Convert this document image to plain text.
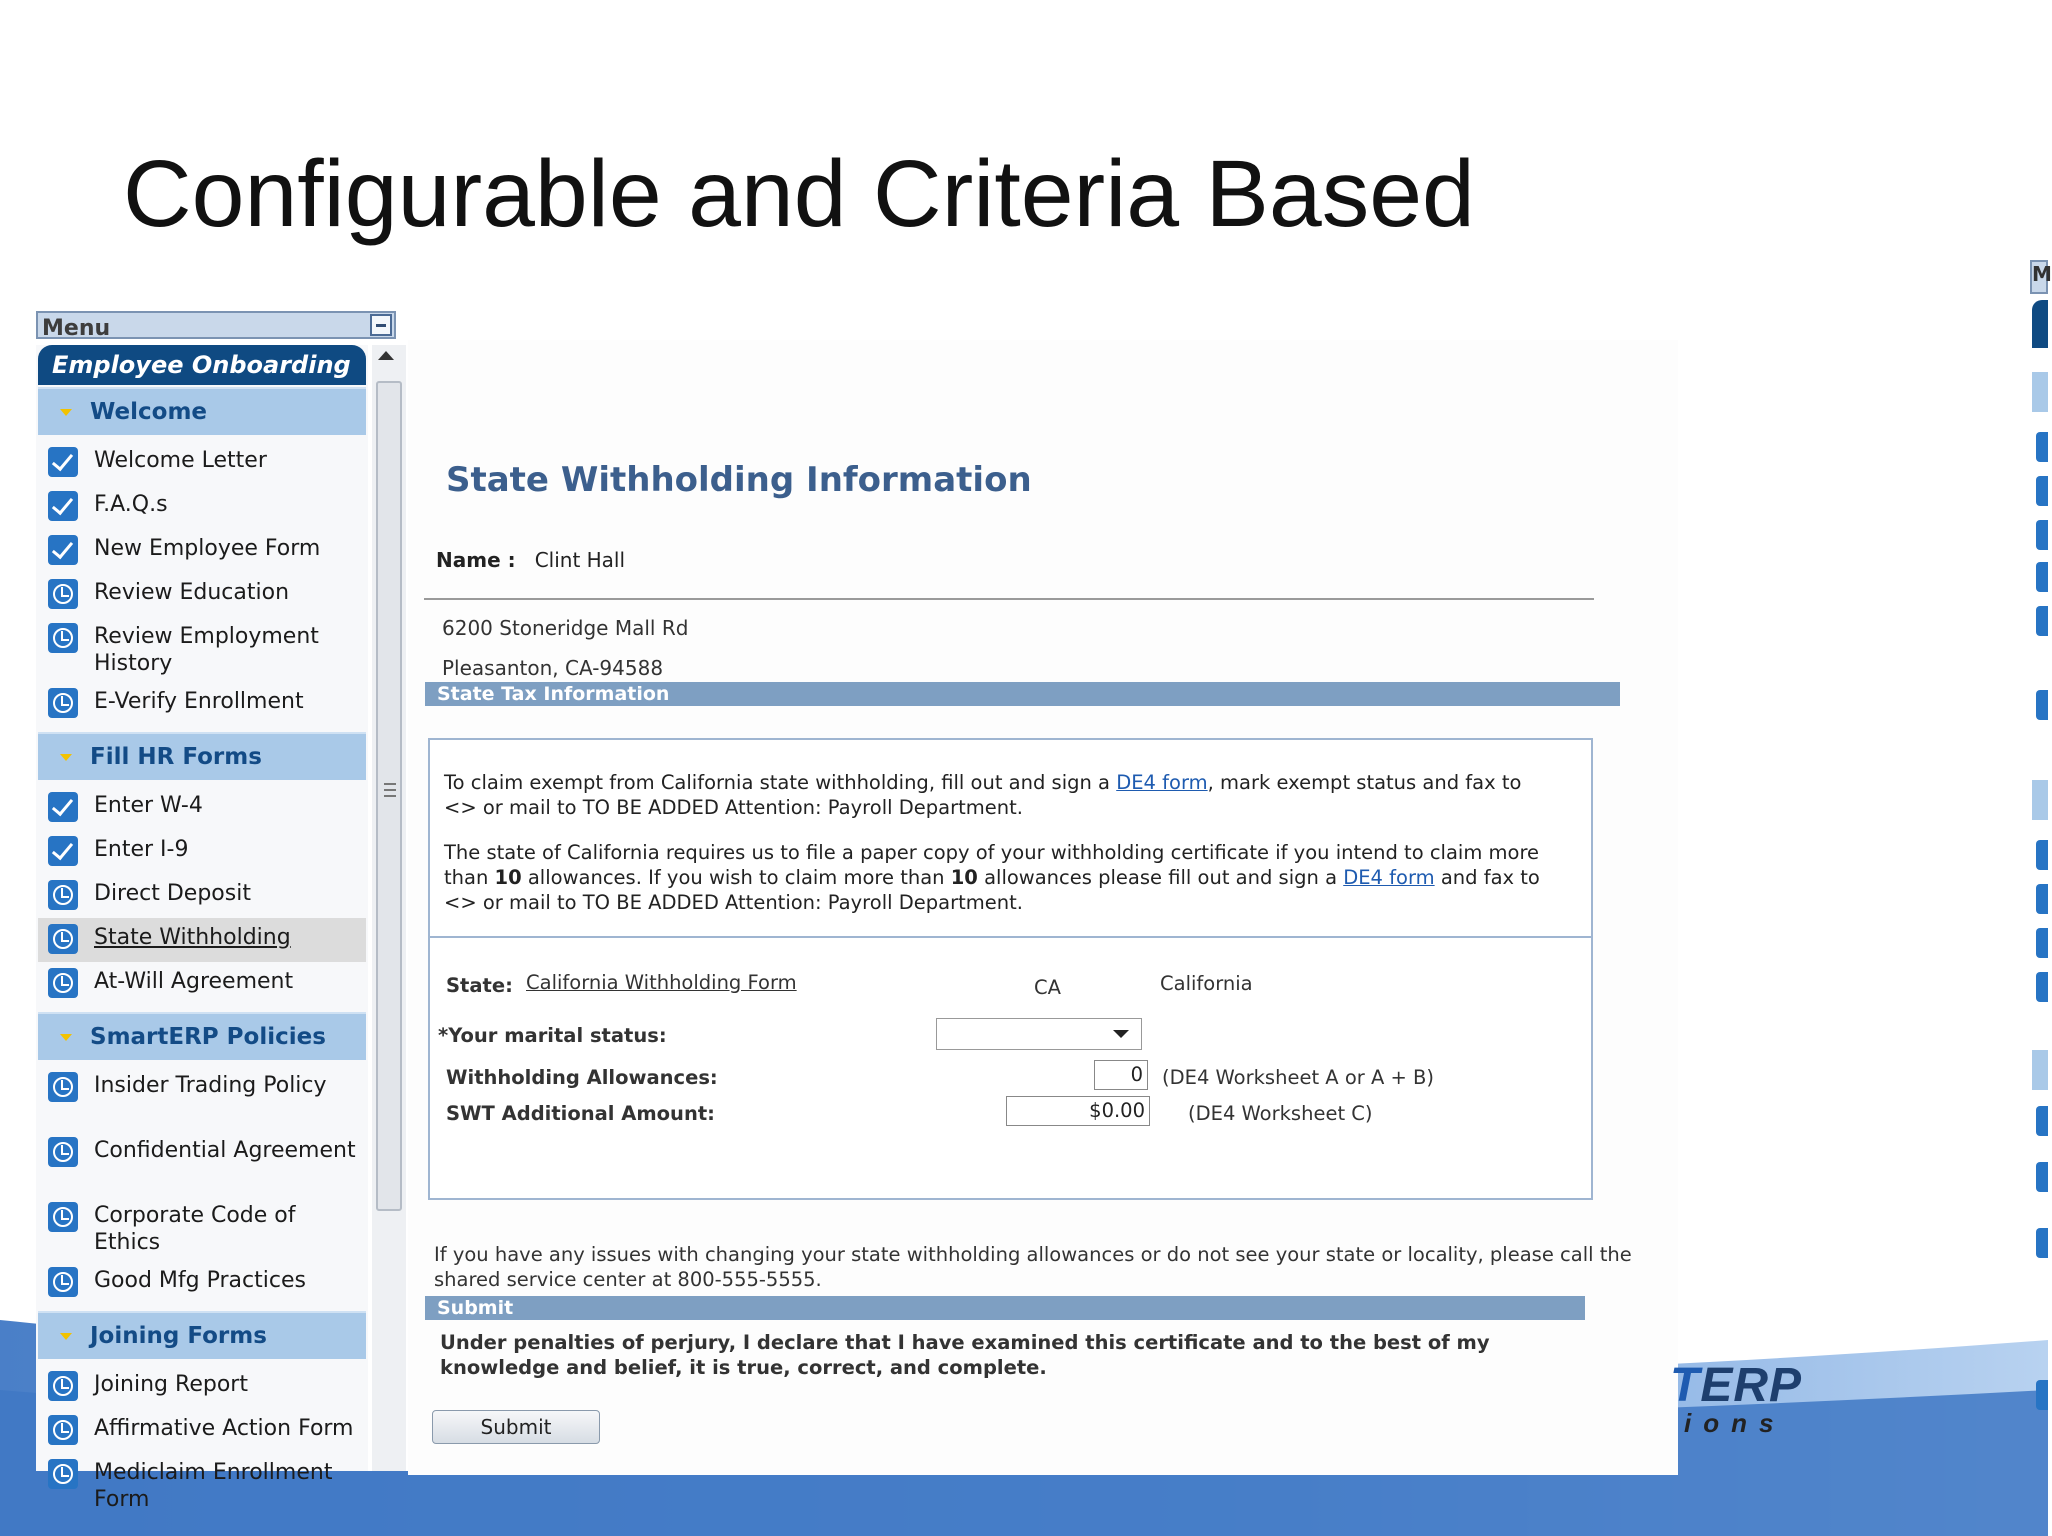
Configurable and Criteria Based
Menu
Employee Onboarding
Welcome
Welcome Letter
F.A.Q.s
New Employee Form
Review Education
Review Employment History
E-Verify Enrollment
Fill HR Forms
Enter W-4
Enter I-9
Direct Deposit
State Withholding
At-Will Agreement
SmartERP Policies
Insider Trading Policy
Confidential Agreement
Corporate Code of Ethics
Good Mfg Practices
Joining Forms
Joining Report
Affirmative Action Form
Mediclaim Enrollment Form
State Withholding Information
Name : Clint Hall
6200 Stoneridge Mall Rd
Pleasanton, CA-94588
State Tax Information
To claim exempt from California state withholding, fill out and sign a DE4 form, mark exempt status and fax to <> or mail to TO BE ADDED Attention: Payroll Department.
The state of California requires us to file a paper copy of your withholding certificate if you intend to claim more than 10 allowances. If you wish to claim more than 10 allowances please fill out and sign a DE4 form and fax to <> or mail to TO BE ADDED Attention: Payroll Department.
State: California Withholding Form	CA	California
*Your marital status:
Withholding Allowances:	0 (DE4 Worksheet A or A + B)
SWT Additional Amount:	$0.00 (DE4 Worksheet C)
If you have any issues with changing your state withholding allowances or do not see your state or locality, please call the shared service center at 800-555-5555.
Submit
Under penalties of perjury, I declare that I have examined this certificate and to the best of my knowledge and belief, it is true, correct, and complete.
Submit
TERP
ions
M
